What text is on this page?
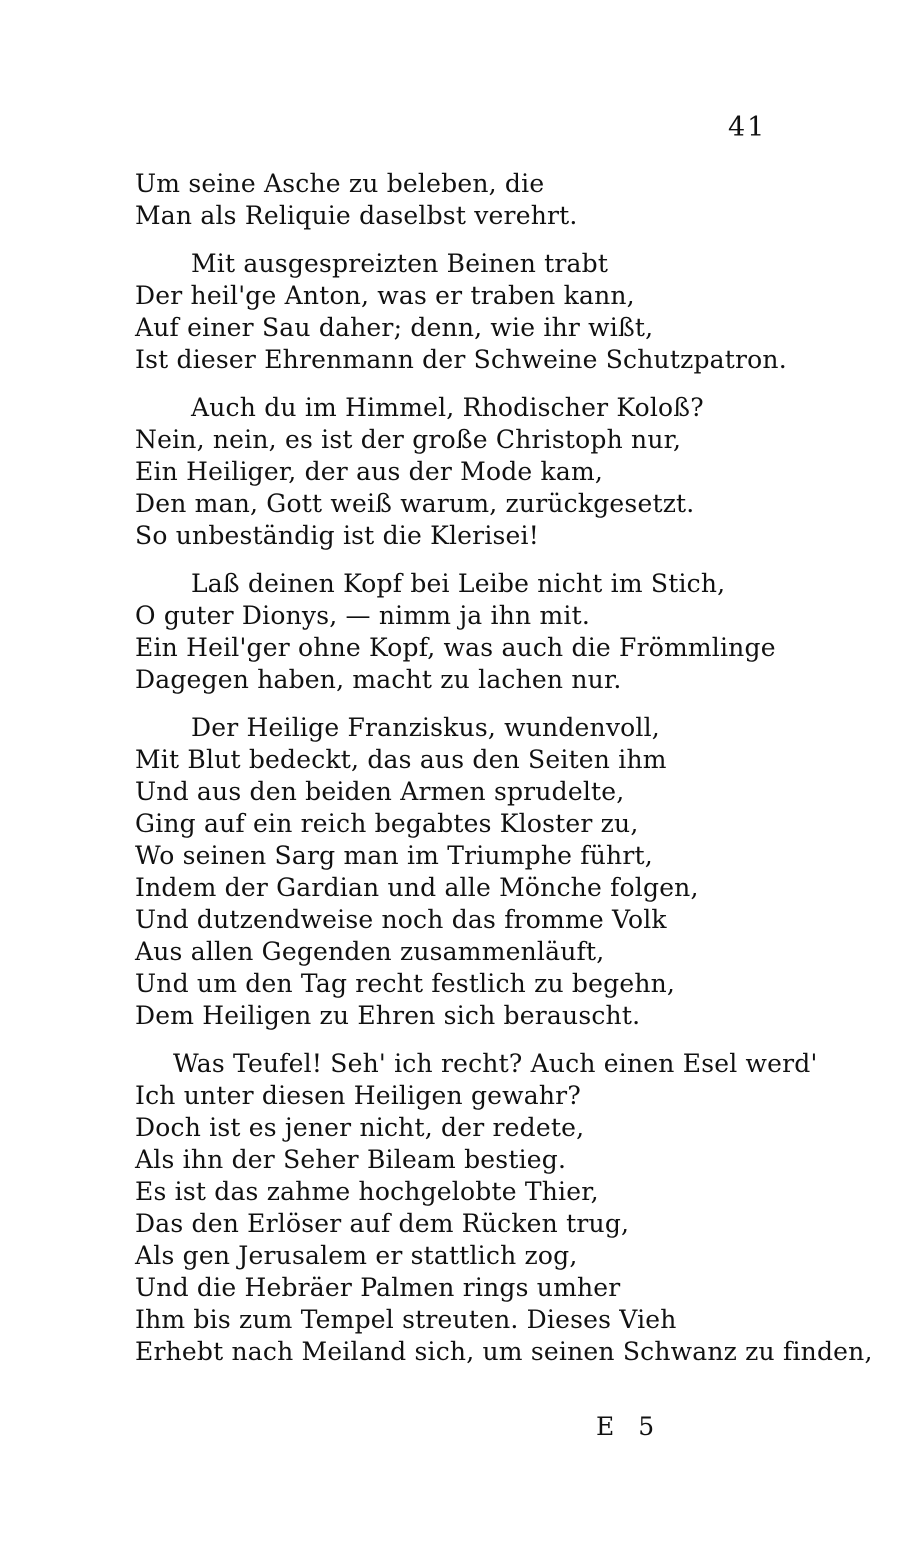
41
Um seine Asche zu beleben, die
Man als Reliquie daselbst verehrt.
Mit ausgespreizten Beinen trabt
Der heil'ge Anton, was er traben kann,
Auf einer Sau daher; denn, wie ihr wißt,
Ist dieser Ehrenmann der Schweine Schutzpatron.
Auch du im Himmel, Rhodischer Koloß?
Nein, nein, es ist der große Christoph nur,
Ein Heiliger, der aus der Mode kam,
Den man, Gott weiß warum, zurückgesetzt.
So unbeständig ist die Klerisei!
Laß deinen Kopf bei Leibe nicht im Stich,
O guter Dionys, — nimm ja ihn mit.
Ein Heil'ger ohne Kopf, was auch die Frömmlinge
Dagegen haben, macht zu lachen nur.
Der Heilige Franziskus, wundenvoll,
Mit Blut bedeckt, das aus den Seiten ihm
Und aus den beiden Armen sprudelte,
Ging auf ein reich begabtes Kloster zu,
Wo seinen Sarg man im Triumphe führt,
Indem der Gardian und alle Mönche folgen,
Und dutzendweise noch das fromme Volk
Aus allen Gegenden zusammenläuft,
Und um den Tag recht festlich zu begehn,
Dem Heiligen zu Ehren sich berauscht.
Was Teufel! Seh' ich recht? Auch einen Esel werd'
Ich unter diesen Heiligen gewahr?
Doch ist es jener nicht, der redete,
Als ihn der Seher Bileam bestieg.
Es ist das zahme hochgelobte Thier,
Das den Erlöser auf dem Rücken trug,
Als gen Jerusalem er stattlich zog,
Und die Hebräer Palmen rings umher
Ihm bis zum Tempel streuten. Dieses Vieh
Erhebt nach Meiland sich, um seinen Schwanz zu finden,
E 5
